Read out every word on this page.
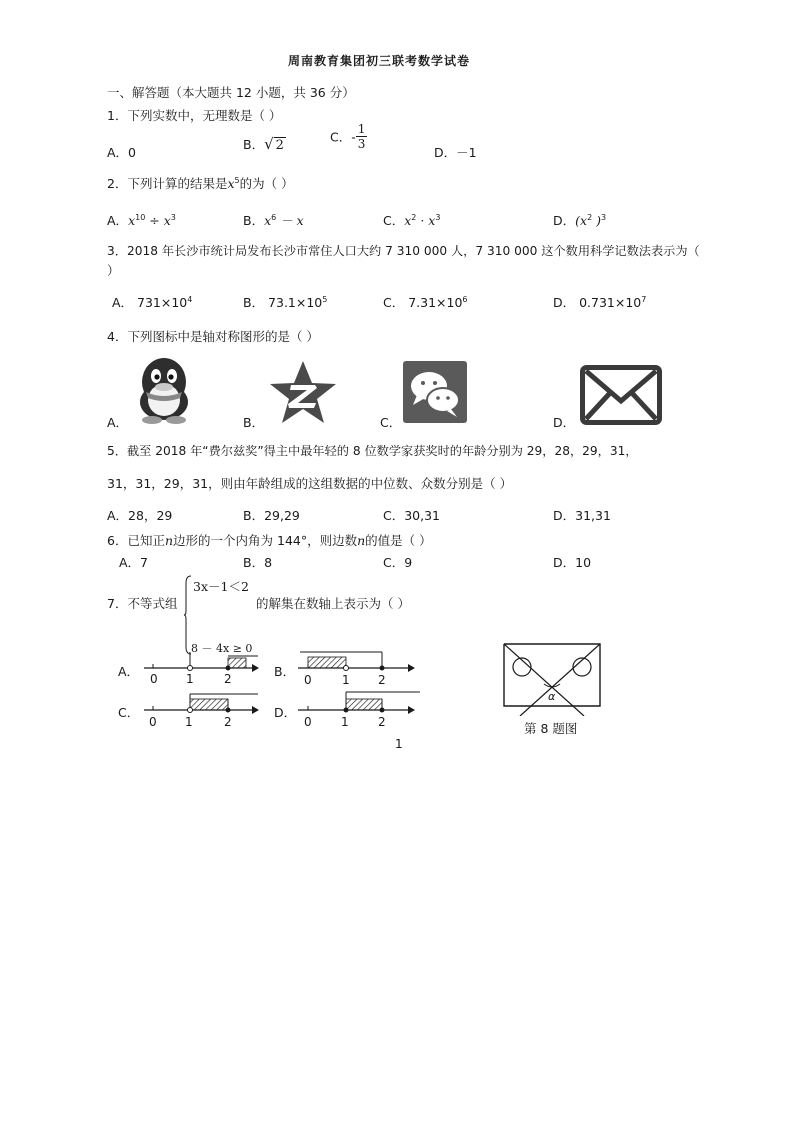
周南教育集团初三联考数学试卷
一、解答题（本大题共 12 小题，共 36 分）
1．下列实数中，无理数是（ ）
A．0
B．√ 2
C．- $\frac{1}{3}$
D．－1
2．下列计算的结果是$x^5$的为（ ）
A．$x^{10} \div x^3$	B．$x^6 - x$	C．$x^2 \cdot x^3$	D．($x^2$ )$^3$
3．2018 年长沙市统计局发布长沙市常住人口大约 7 310 000 人，7 310 000 这个数用科学记数法表示为（
）
A． $731\times 10^4$	B． $73.1\times 10^5$	C． $7.31\times 10^6$	D． $0.731\times 10^7$
4．下列图标中是轴对称图形的是（ ）
A．	B．	C．	D．
5．截至 2018 年“费尔兹奖”得主中最年轻的 8 位数学家获奖时的年龄分别为 29，28，29，31，
31，31，29，31，则由年龄组成的这组数据的中位数、众数分别是（ ）
A．28，29	B．29,29	C．30,31	D．31,31
6．已知正n边形的一个内角为 144°，则边数n的值是（ ）
A．7	B．8	C．9	D．10
7．不等式组
3x－1＜2
的解集在数轴上表示为（ ）
8 － 4x ≥ 0
A．	B．
C．	D．
0 1	2	0	1 2
0 1	2	0 1 2
α
第 8 题图
1
